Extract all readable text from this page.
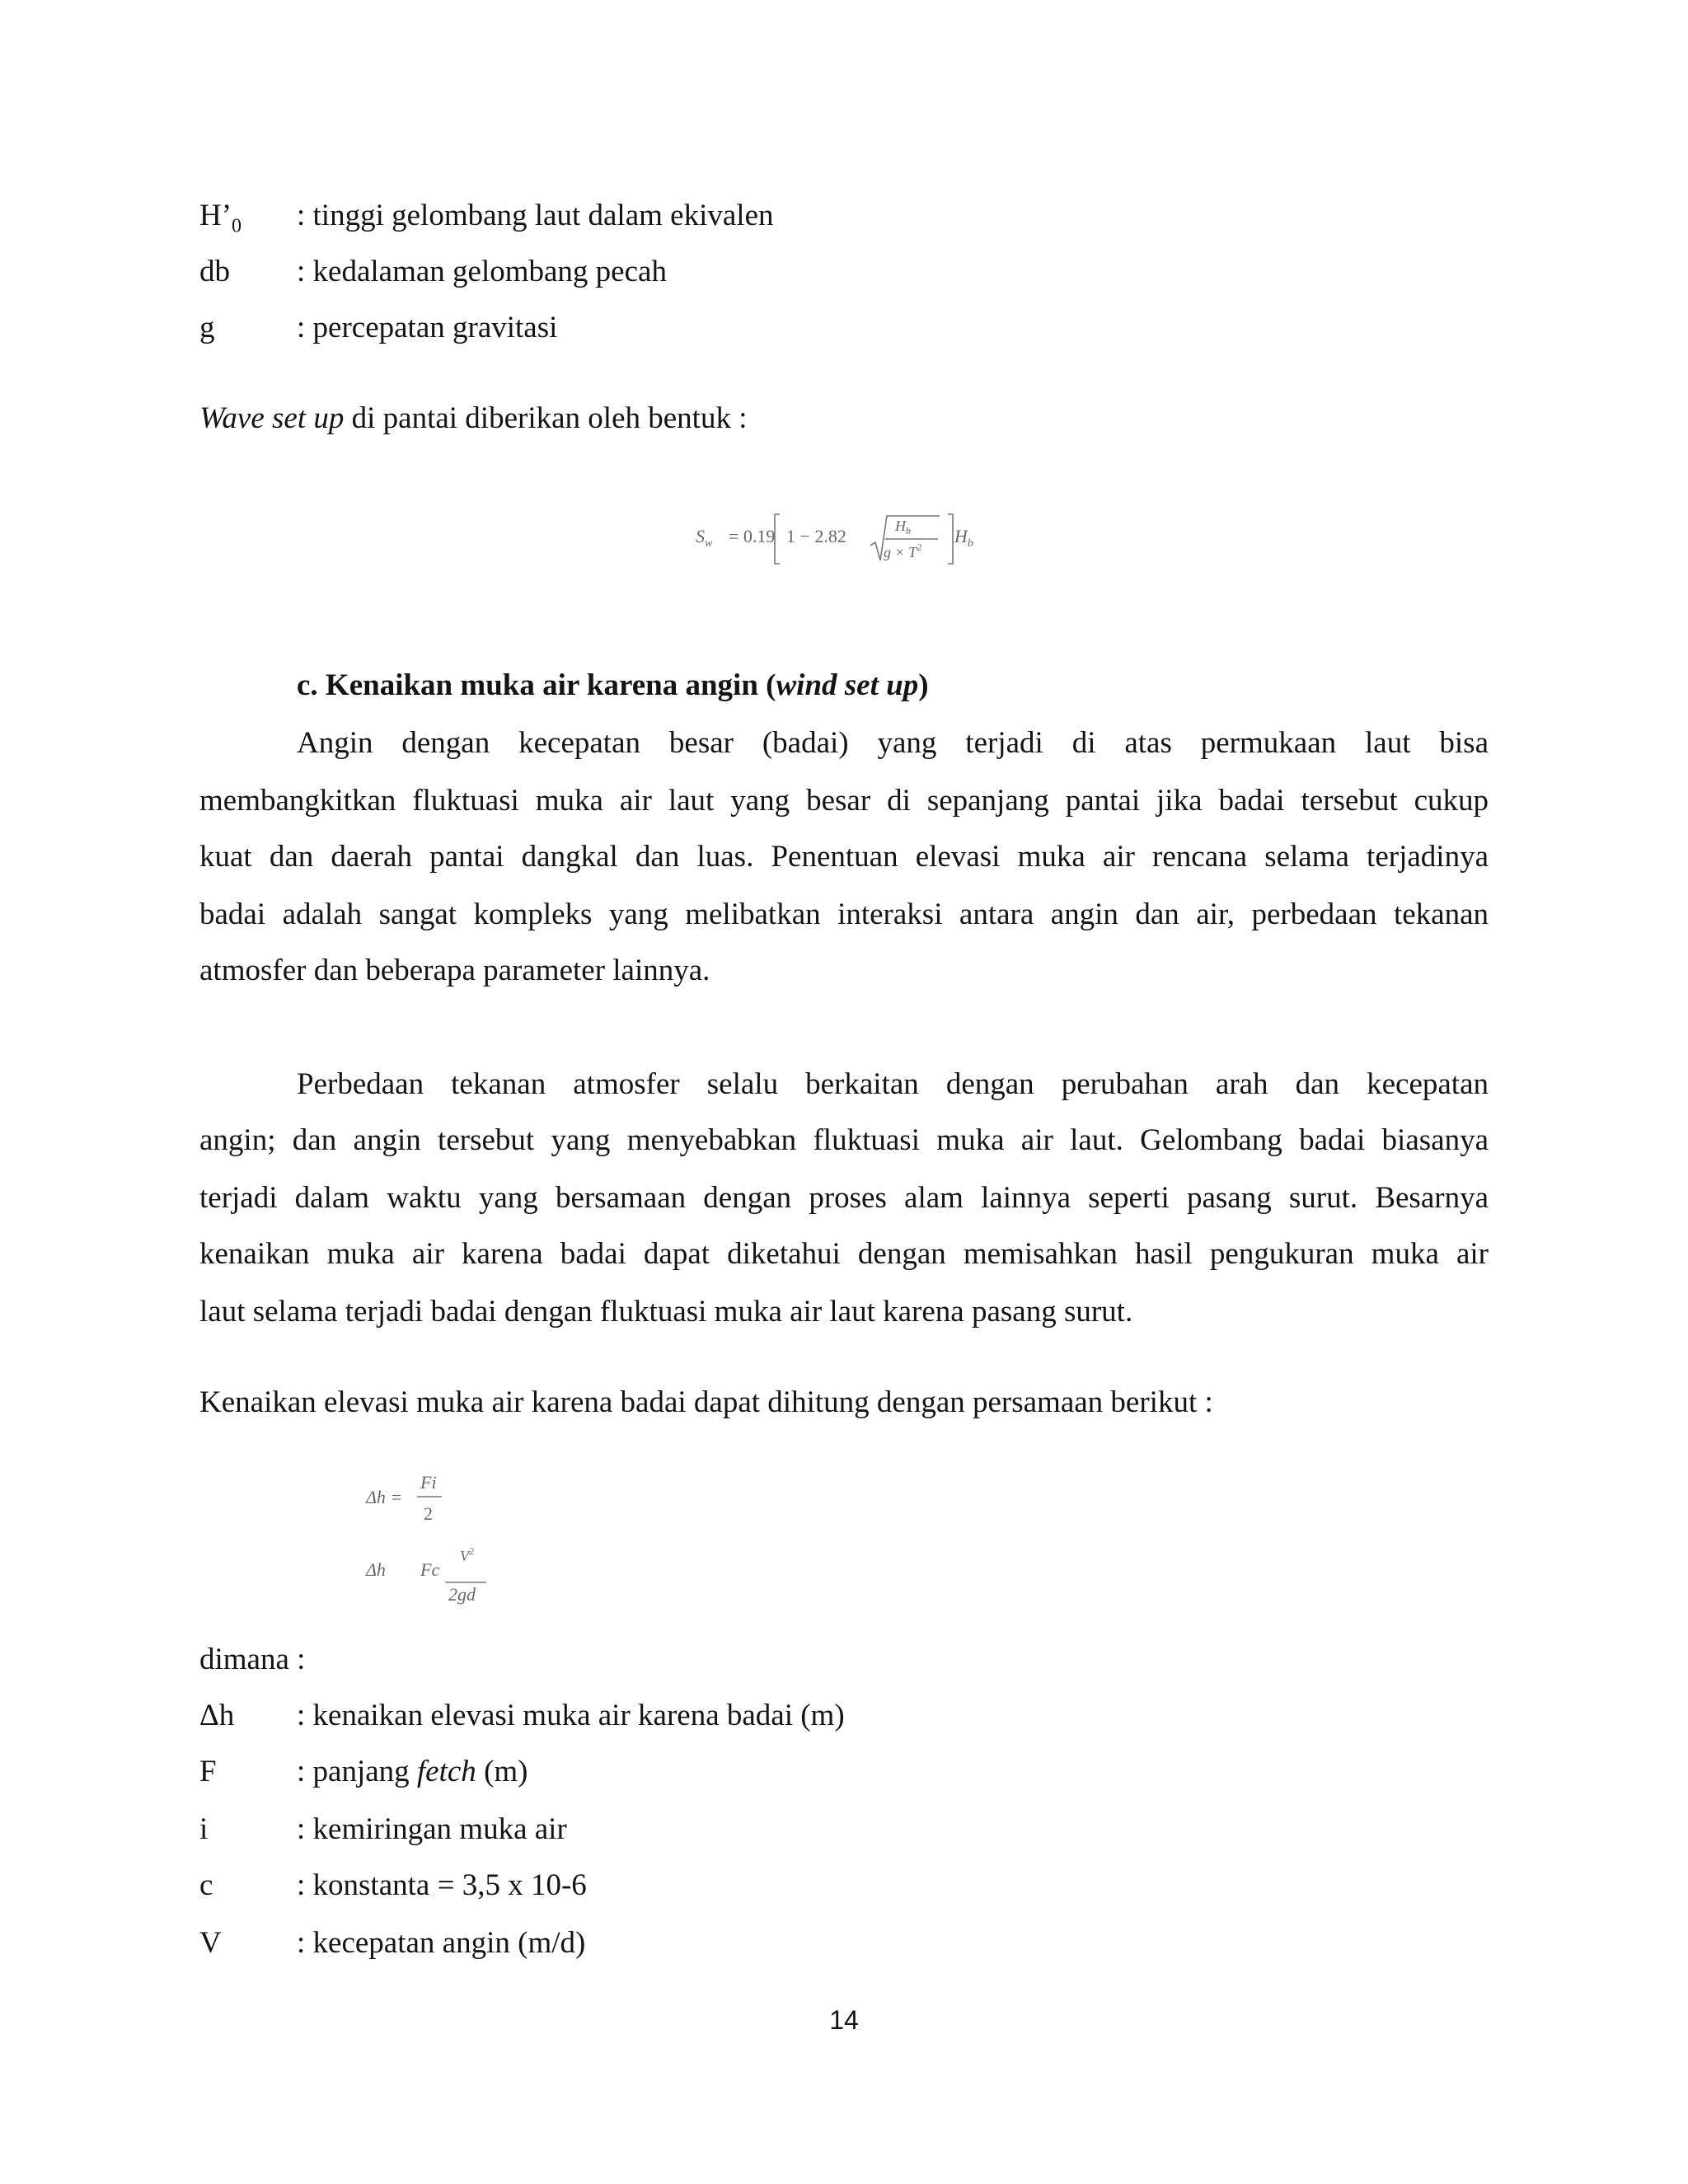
$H’_0$ : tinggi gelombang laut dalam ekivalen
db : kedalaman gelombang pecah
g	: percepatan gravitasi
Wave set up di pantai diberikan oleh bentuk :
$S_w = 0.19$ 1 − 2.82	$H_b$
$g \times T^2$
$H_b$
c. Kenaikan muka air karena angin (wind set up)
Angin dengan kecepatan besar (badai) yang terjadi di atas permukaan laut bisa
membangkitkan fluktuasi muka air laut yang besar di sepanjang pantai jika badai tersebut cukup
kuat dan daerah pantai dangkal dan luas. Penentuan elevasi muka air rencana selama terjadinya
badai adalah sangat kompleks yang melibatkan interaksi antara angin dan air, perbedaan tekanan
atmosfer dan beberapa parameter lainnya.
Perbedaan tekanan atmosfer selalu berkaitan dengan perubahan arah dan kecepatan
angin; dan angin tersebut yang menyebabkan fluktuasi muka air laut. Gelombang badai biasanya
terjadi dalam waktu yang bersamaan dengan proses alam lainnya seperti pasang surut. Besarnya
kenaikan muka air karena badai dapat diketahui dengan memisahkan hasil pengukuran muka air
laut selama terjadi badai dengan fluktuasi muka air laut karena pasang surut.
Kenaikan elevasi muka air karena badai dapat dihitung dengan persamaan berikut :
Δh =
Fi
2
Δh Fc
$V^2$
2gd
dimana :
Δh : kenaikan elevasi muka air karena badai (m)
F	: panjang fetch (m)
i	: kemiringan muka air
c	: konstanta = 3,5 x 10-6
V : kecepatan angin (m/d)
14
